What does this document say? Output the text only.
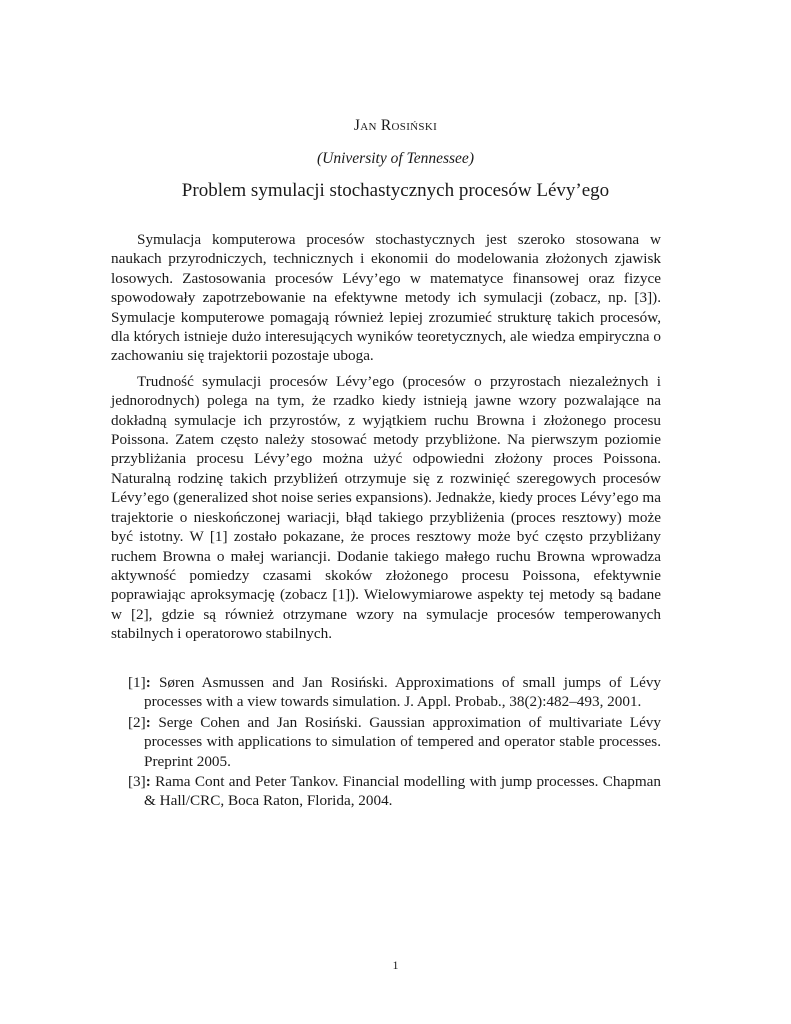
Jan Rosiński
(University of Tennessee)
Problem symulacji stochastycznych procesów Lévy’ego

Symulacja komputerowa procesów stochastycznych jest szeroko stosowana w naukach przyrodniczych, technicznych i ekonomii do modelowania złożonych zjawisk losowych. Zastosowania procesów Lévy’ego w matematyce finansowej oraz fizyce spowodowały zapotrzebowanie na efektywne metody ich symulacji (zobacz, np. [3]). Symulacje komputerowe pomagają również lepiej zrozumieć strukturę takich procesów, dla których istnieje dużo interesujących wyników teoretycznych, ale wiedza empiryczna o zachowaniu się trajektorii pozostaje uboga.

Trudność symulacji procesów Lévy’ego (procesów o przyrostach niezależnych i jednorodnych) polega na tym, że rzadko kiedy istnieją jawne wzory pozwalające na dokładną symulacje ich przyrostów, z wyjątkiem ruchu Browna i złożonego procesu Poissona. Zatem często należy stosować metody przybliżone. Na pierwszym poziomie przybliżania procesu Lévy’ego można użyć odpowiedni złożony proces Poissona. Naturalną rodzinę takich przybliżeń otrzymuje się z rozwinięć szeregowych procesów Lévy’ego (generalized shot noise series expansions). Jednakże, kiedy proces Lévy’ego ma trajektorie o nieskończonej wariacji, błąd takiego przybliżenia (proces resztowy) może być istotny. W [1] zostało pokazane, że proces resztowy może być często przybliżany ruchem Browna o małej wariancji. Dodanie takiego małego ruchu Browna wprowadza aktywność pomiedzy czasami skoków złożonego procesu Poissona, efektywnie poprawiając aproksymację (zobacz [1]). Wielowymiarowe aspekty tej metody są badane w [2], gdzie są również otrzymane wzory na symulacje procesów temperowanych stabilnych i operatorowo stabilnych.

[1]: Søren Asmussen and Jan Rosiński. Approximations of small jumps of Lévy processes with a view towards simulation. J. Appl. Probab., 38(2):482–493, 2001.
[2]: Serge Cohen and Jan Rosiński. Gaussian approximation of multivariate Lévy processes with applications to simulation of tempered and operator stable processes. Preprint 2005.
[3]: Rama Cont and Peter Tankov. Financial modelling with jump processes. Chapman & Hall/CRC, Boca Raton, Florida, 2004.
1
